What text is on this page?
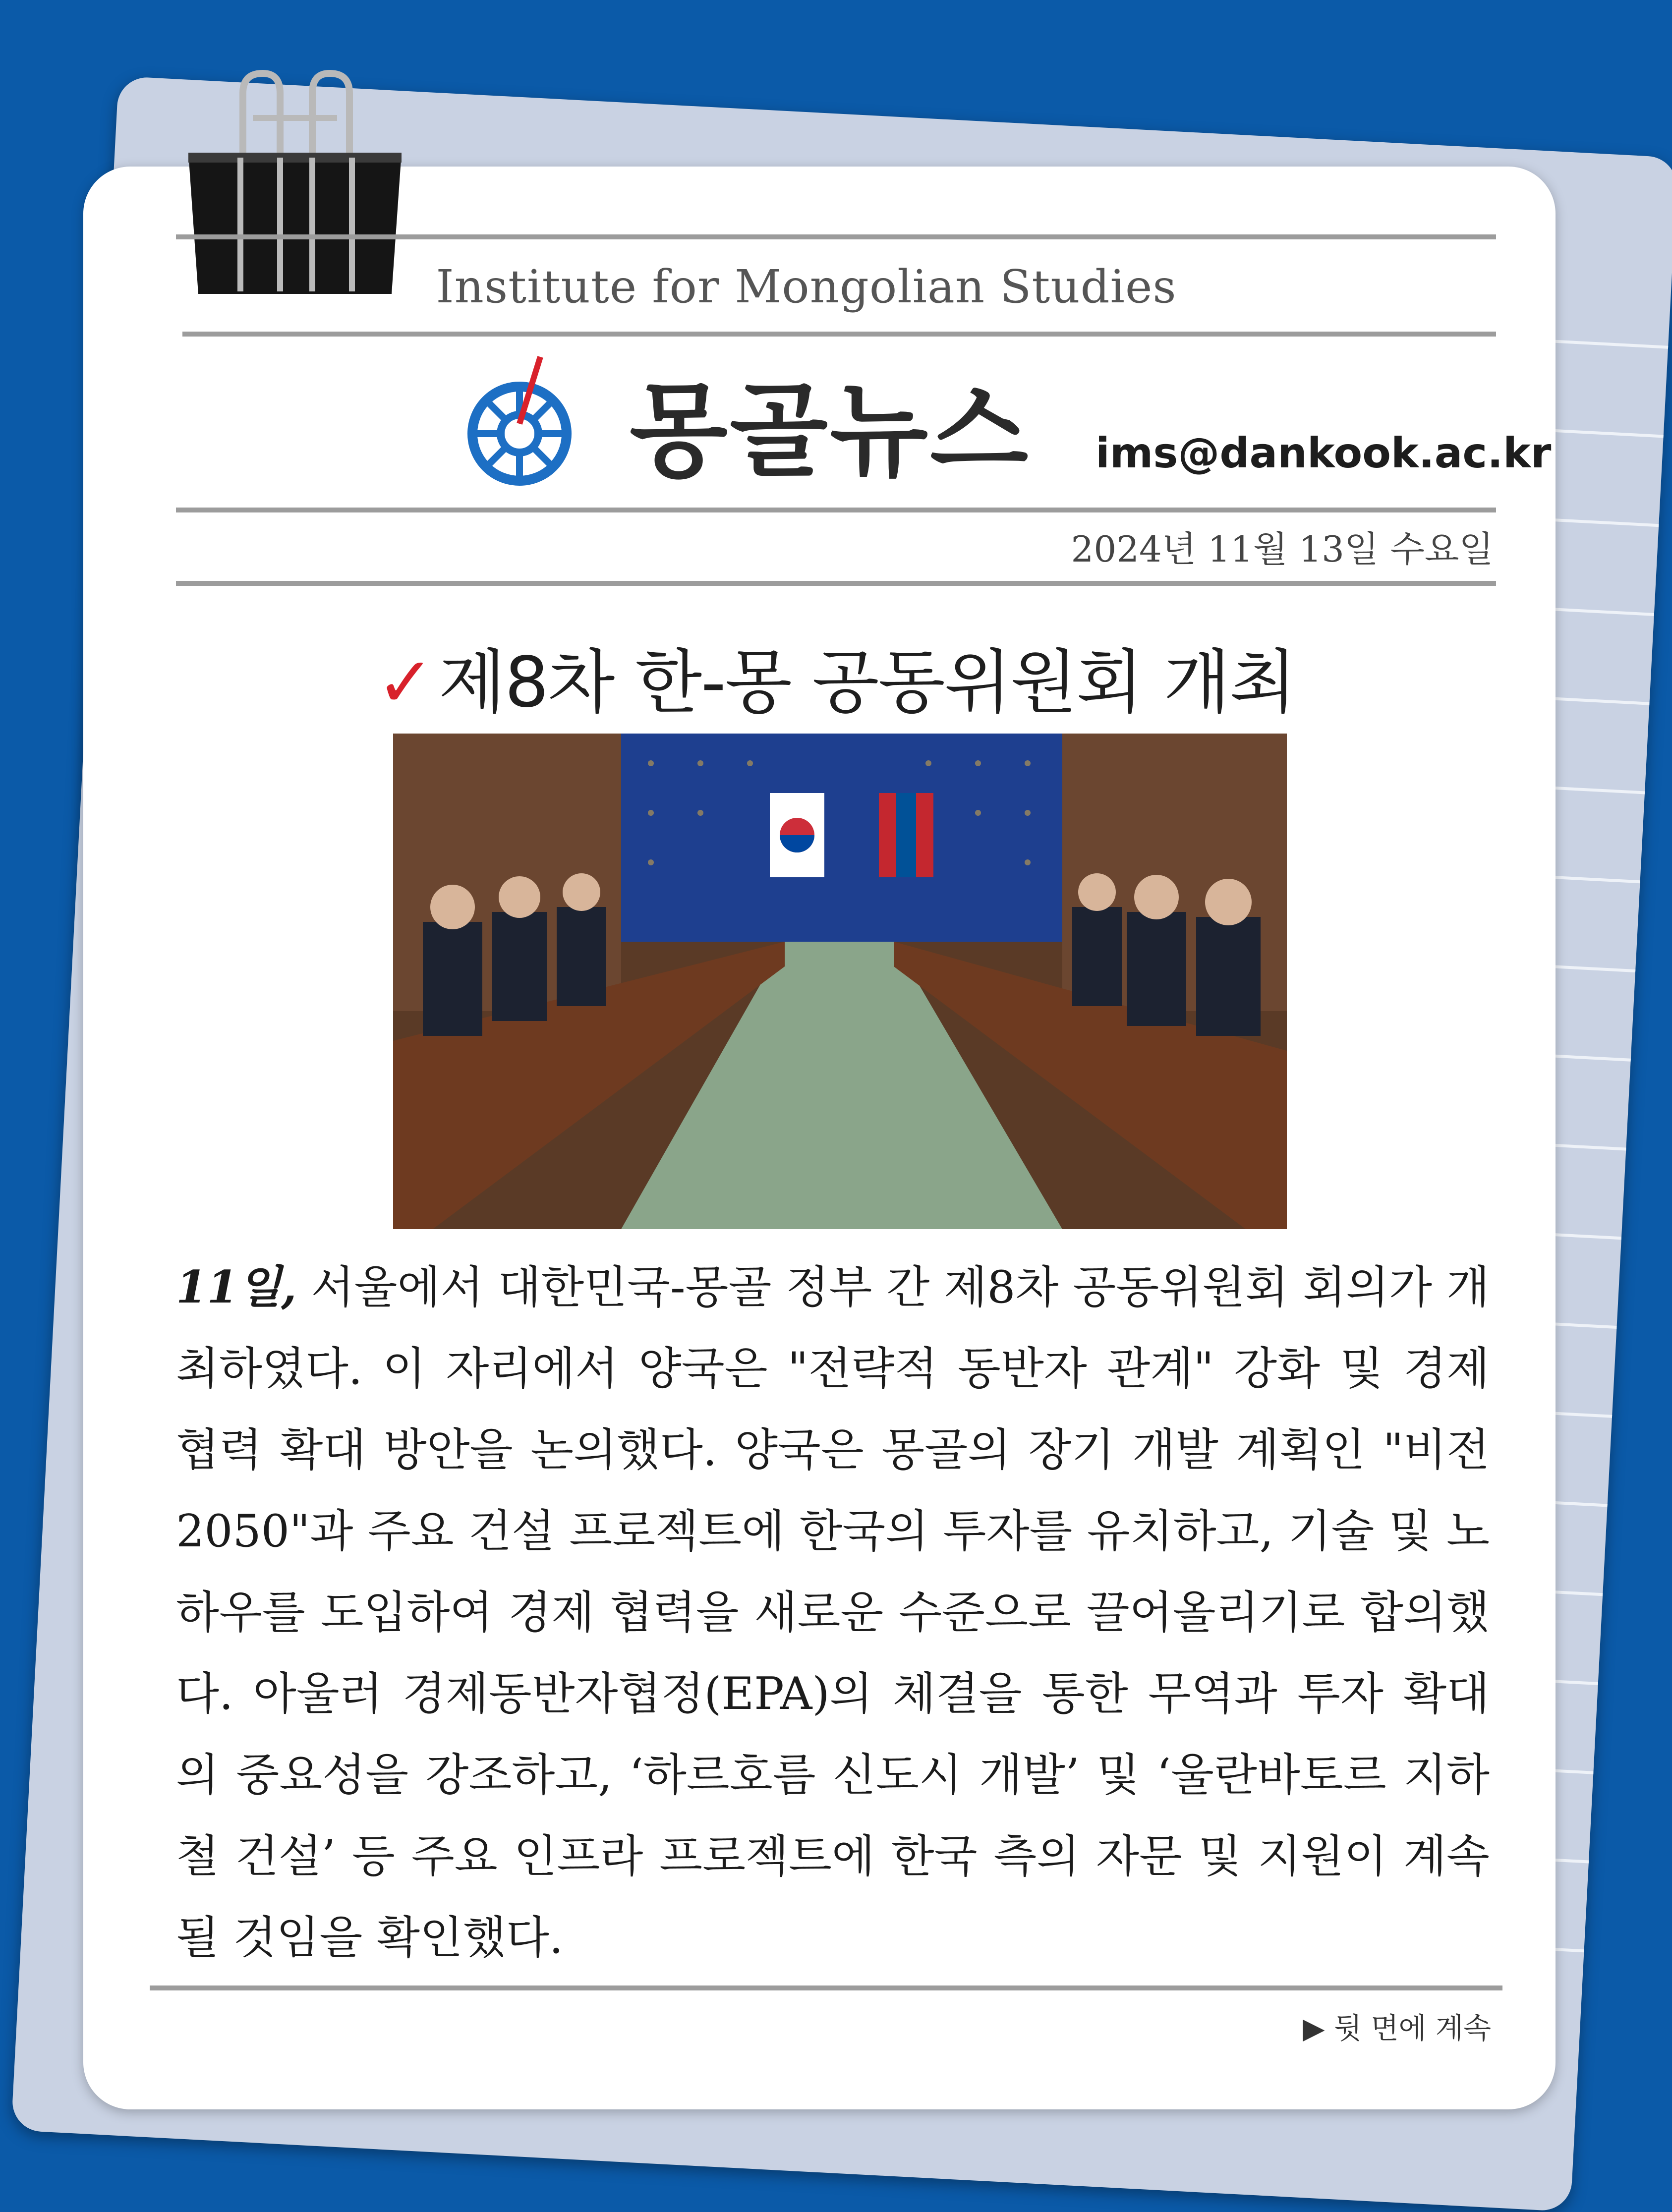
Institute for Mongolian Studies
몽골뉴스 ims@dankook.ac.kr
2024년 11월 13일 수요일
✓제8차 한-몽 공동위원회 개최
11일, 서울에서 대한민국-몽골 정부 간 제8차 공동위원회 회의가 개최하였다. 이 자리에서 양국은 "전략적 동반자 관계" 강화 및 경제 협력 확대 방안을 논의했다. 양국은 몽골의 장기 개발 계획인 "비전 2050"과 주요 건설 프로젝트에 한국의 투자를 유치하고, 기술 및 노하우를 도입하여 경제 협력을 새로운 수준으로 끌어올리기로 합의했다. 아울러 경제동반자협정(EPA)의 체결을 통한 무역과 투자 확대의 중요성을 강조하고, ‘하르호름 신도시 개발’ 및 ‘울란바토르 지하철 건설’ 등 주요 인프라 프로젝트에 한국 측의 자문 및 지원이 계속될 것임을 확인했다.
▶ 뒷 면에 계속
